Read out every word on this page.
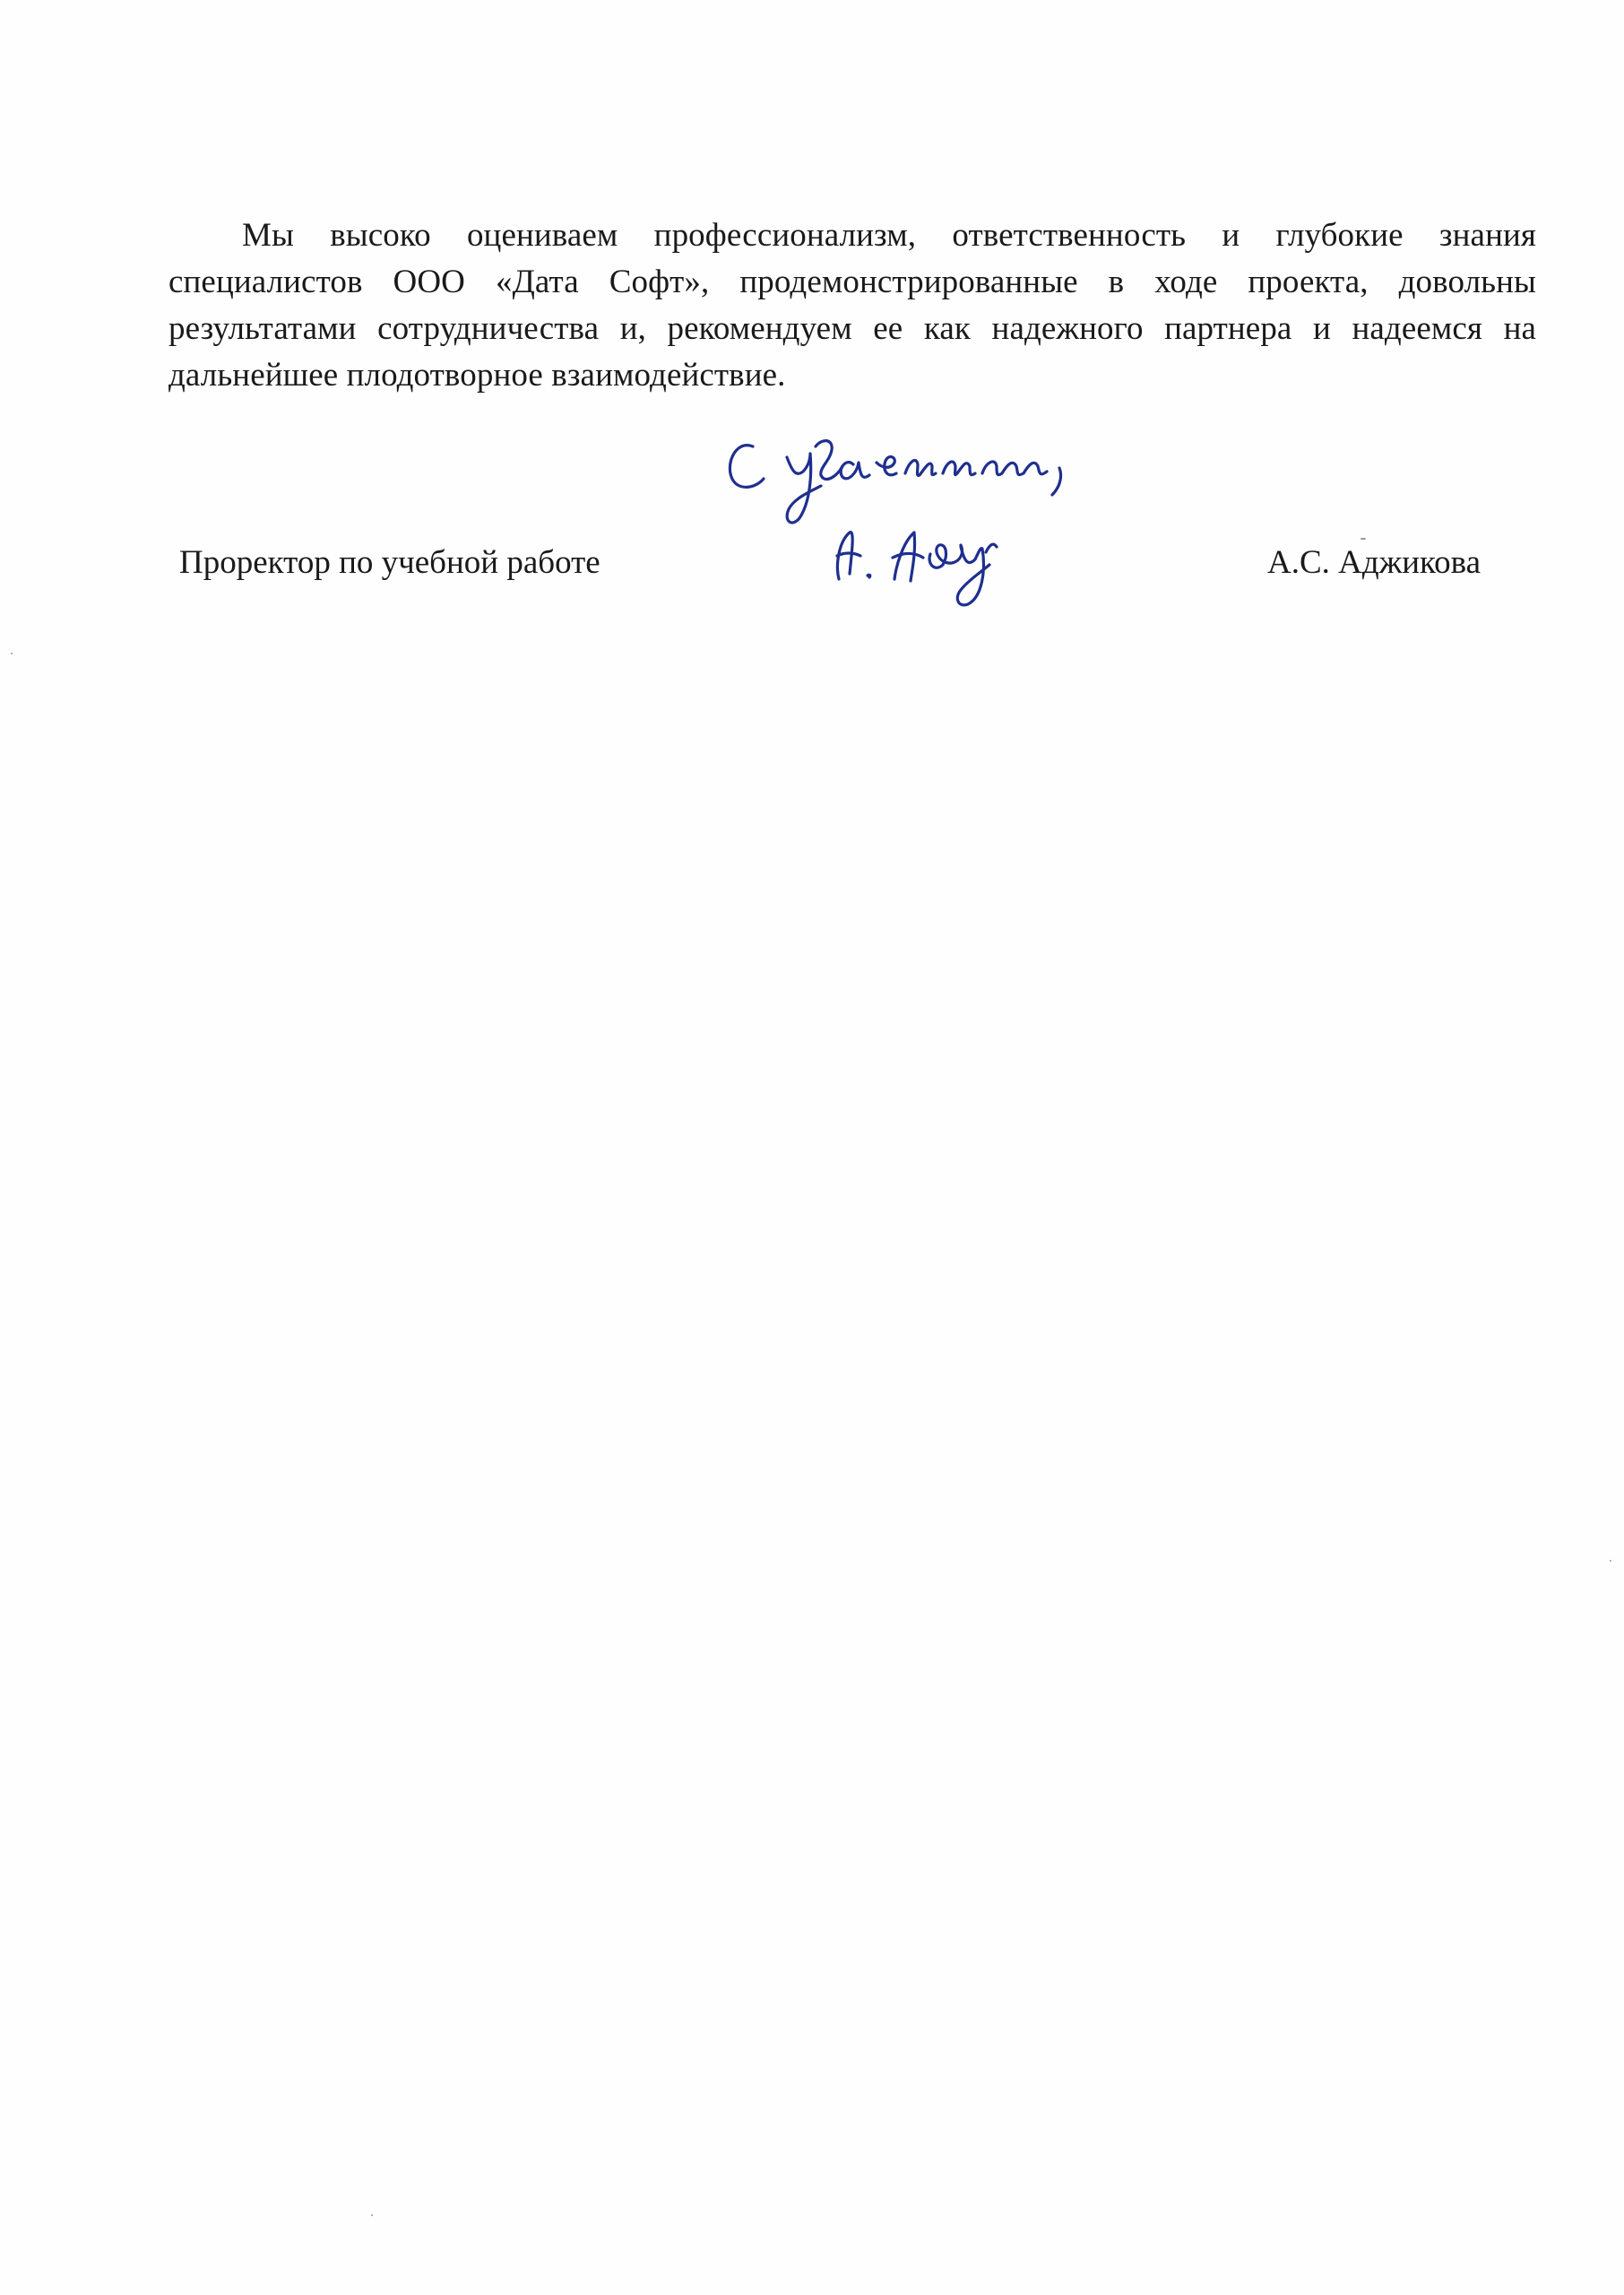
Мы высоко оцениваем профессионализм, ответственность и глубокие знания специалистов ООО «Дата Софт», продемонстрированные в ходе проекта, довольны результатами сотрудничества и, рекомендуем ее как надежного партнера и надеемся на дальнейшее плодотворное взаимодействие.

Проректор по учебной работе	А.С. Аджикова
